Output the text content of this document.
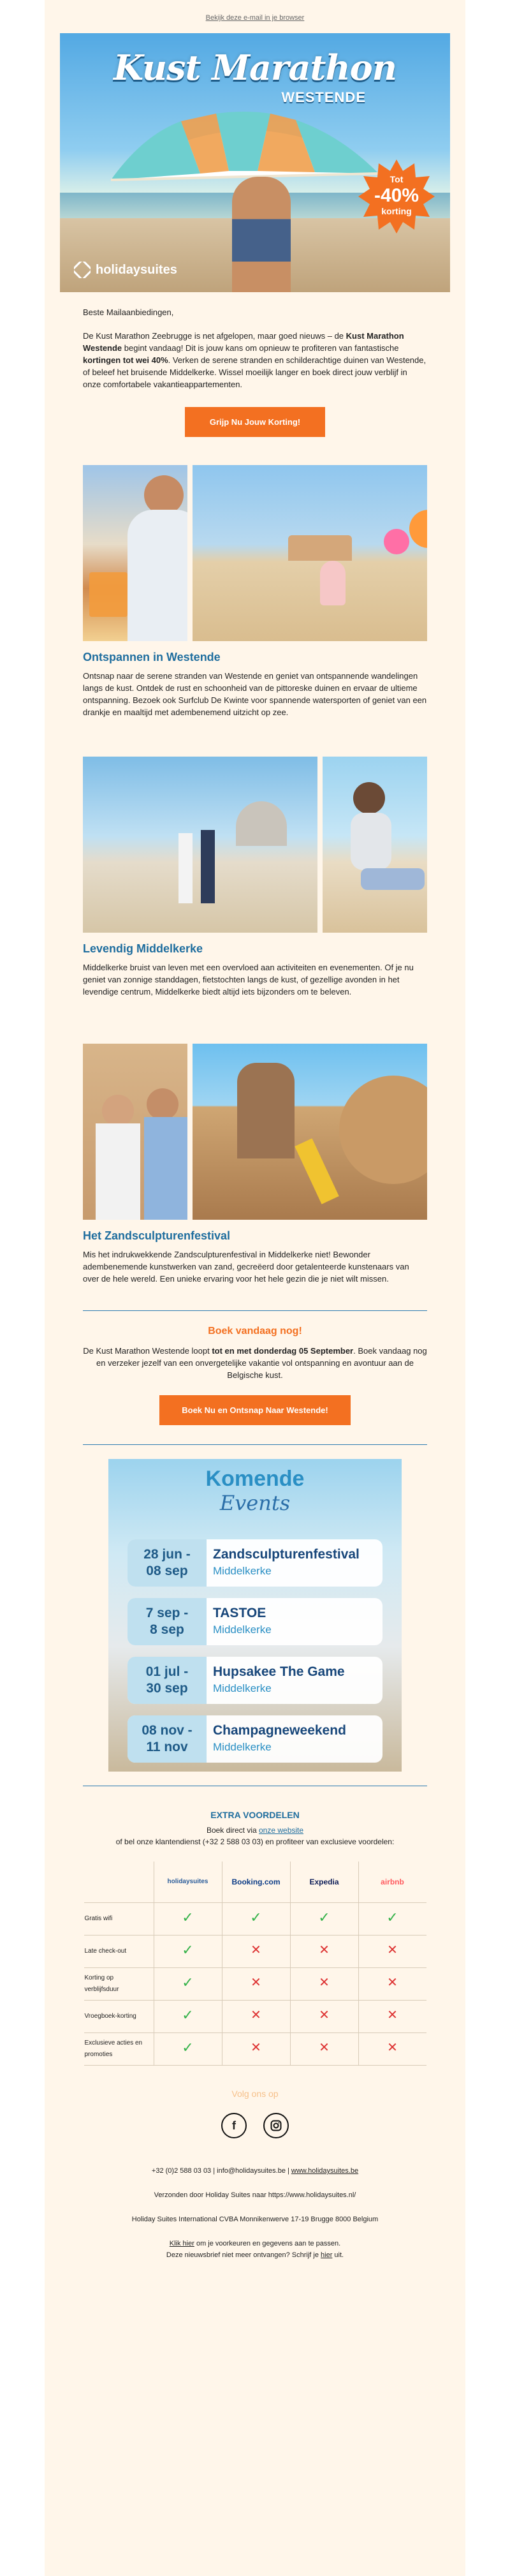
Bekijk deze e-mail in je browser
Kust Marathon
WESTENDE
Tot
-40%
korting
holidaysuites
Beste Mailaanbiedingen,

De Kust Marathon Zeebrugge is net afgelopen, maar goed nieuws – de Kust Marathon Westende begint vandaag! Dit is jouw kans om opnieuw te profiteren van fantastische kortingen tot wei 40%. Verken de serene stranden en schilderachtige duinen van Westende, of beleef het bruisende Middelkerke. Wissel moeilijk langer en boek direct jouw verblijf in onze comfortabele vakantieappartementen.

Grijp Nu Jouw Korting!
Ontspannen in Westende

Ontsnap naar de serene stranden van Westende en geniet van ontspannende wandelingen langs de kust. Ontdek de rust en schoonheid van de pittoreske duinen en ervaar de ultieme ontspanning. Bezoek ook Surfclub De Kwinte voor spannende watersporten of geniet van een drankje en maaltijd met adembenemend uitzicht op zee.

Levendig Middelkerke

Middelkerke bruist van leven met een overvloed aan activiteiten en evenementen. Of je nu geniet van zonnige standdagen, fietstochten langs de kust, of gezellige avonden in het levendige centrum, Middelkerke biedt altijd iets bijzonders om te beleven.

Het Zandsculpturenfestival

Mis het indrukwekkende Zandsculpturenfestival in Middelkerke niet! Bewonder adembenemende kunstwerken van zand, gecreëerd door getalenteerde kunstenaars van over de hele wereld. Een unieke ervaring voor het hele gezin die je niet wilt missen.

Boek vandaag nog!

De Kust Marathon Westende loopt tot en met donderdag 05 September. Boek vandaag nog en verzeker jezelf van een onvergetelijke vakantie vol ontspanning en avontuur aan de Belgische kust.

Boek Nu en Ontsnap Naar Westende!
Komende
Events
28 jun -
08 sep
Zandsculpturenfestival
Middelkerke
7 sep -
8 sep
TASTOE
Middelkerke
01 jul -
30 sep
Hupsakee The Game
Middelkerke
08 nov -
11 nov
Champagneweekend
Middelkerke
EXTRA VOORDELEN
Boek direct via onze website
of bel onze klantendienst (+32 2 588 03 03) en profiteer van exclusieve voordelen:
	holidaysuites	Booking.com	Expedia	airbnb
Gratis wifi	✓	✓	✓	✓
Late check-out	✓	✕	✕	✕
Korting op verblijfsduur	✓	✕	✕	✕
Vroegboek-korting	✓	✕	✕	✕
Exclusieve acties en promoties	✓	✕	✕	✕
Volg ons op
f

+32 (0)2 588 03 03 | info@holidaysuites.be | www.holidaysuites.be

Verzonden door Holiday Suites naar https://www.holidaysuites.nl/

Holiday Suites International CVBA Monnikenwerve 17-19 Brugge 8000 Belgium

Klik hier om je voorkeuren en gegevens aan te passen.

Deze nieuwsbrief niet meer ontvangen? Schrijf je hier uit.
